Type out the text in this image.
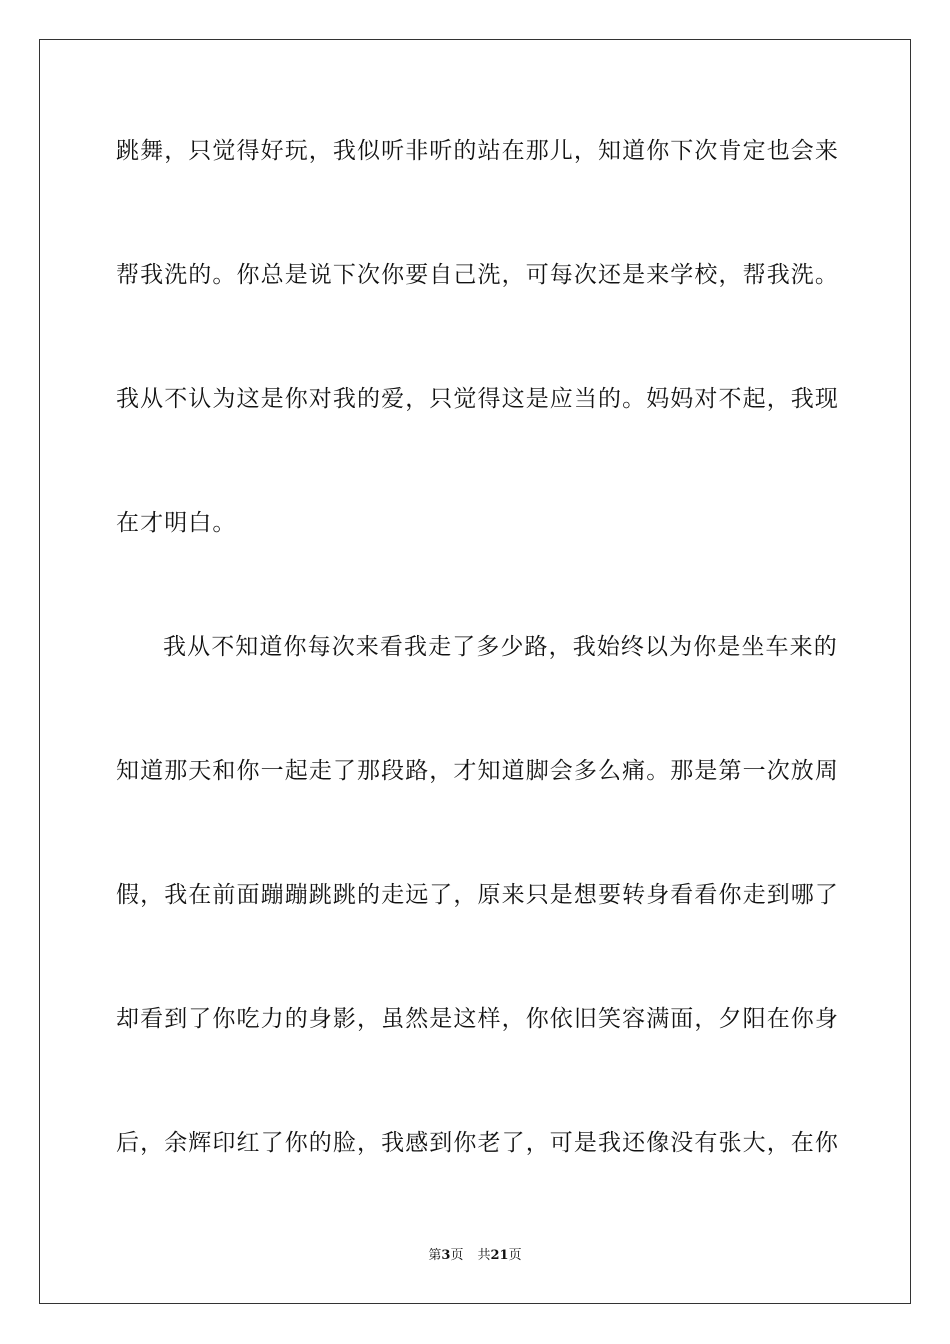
跳舞，只觉得好玩，我似听非听的站在那儿，知道你下次肯定也会来
帮我洗的。你总是说下次你要自己洗，可每次还是来学校，帮我洗。
我从不认为这是你对我的爱，只觉得这是应当的。妈妈对不起，我现
在才明白。
我从不知道你每次来看我走了多少路，我始终以为你是坐车来的
知道那天和你一起走了那段路，才知道脚会多么痛。那是第一次放周
假，我在前面蹦蹦跳跳的走远了，原来只是想要转身看看你走到哪了
却看到了你吃力的身影，虽然是这样，你依旧笑容满面，夕阳在你身
后，余辉印红了你的脸，我感到你老了，可是我还像没有张大，在你
第3页 共21页
